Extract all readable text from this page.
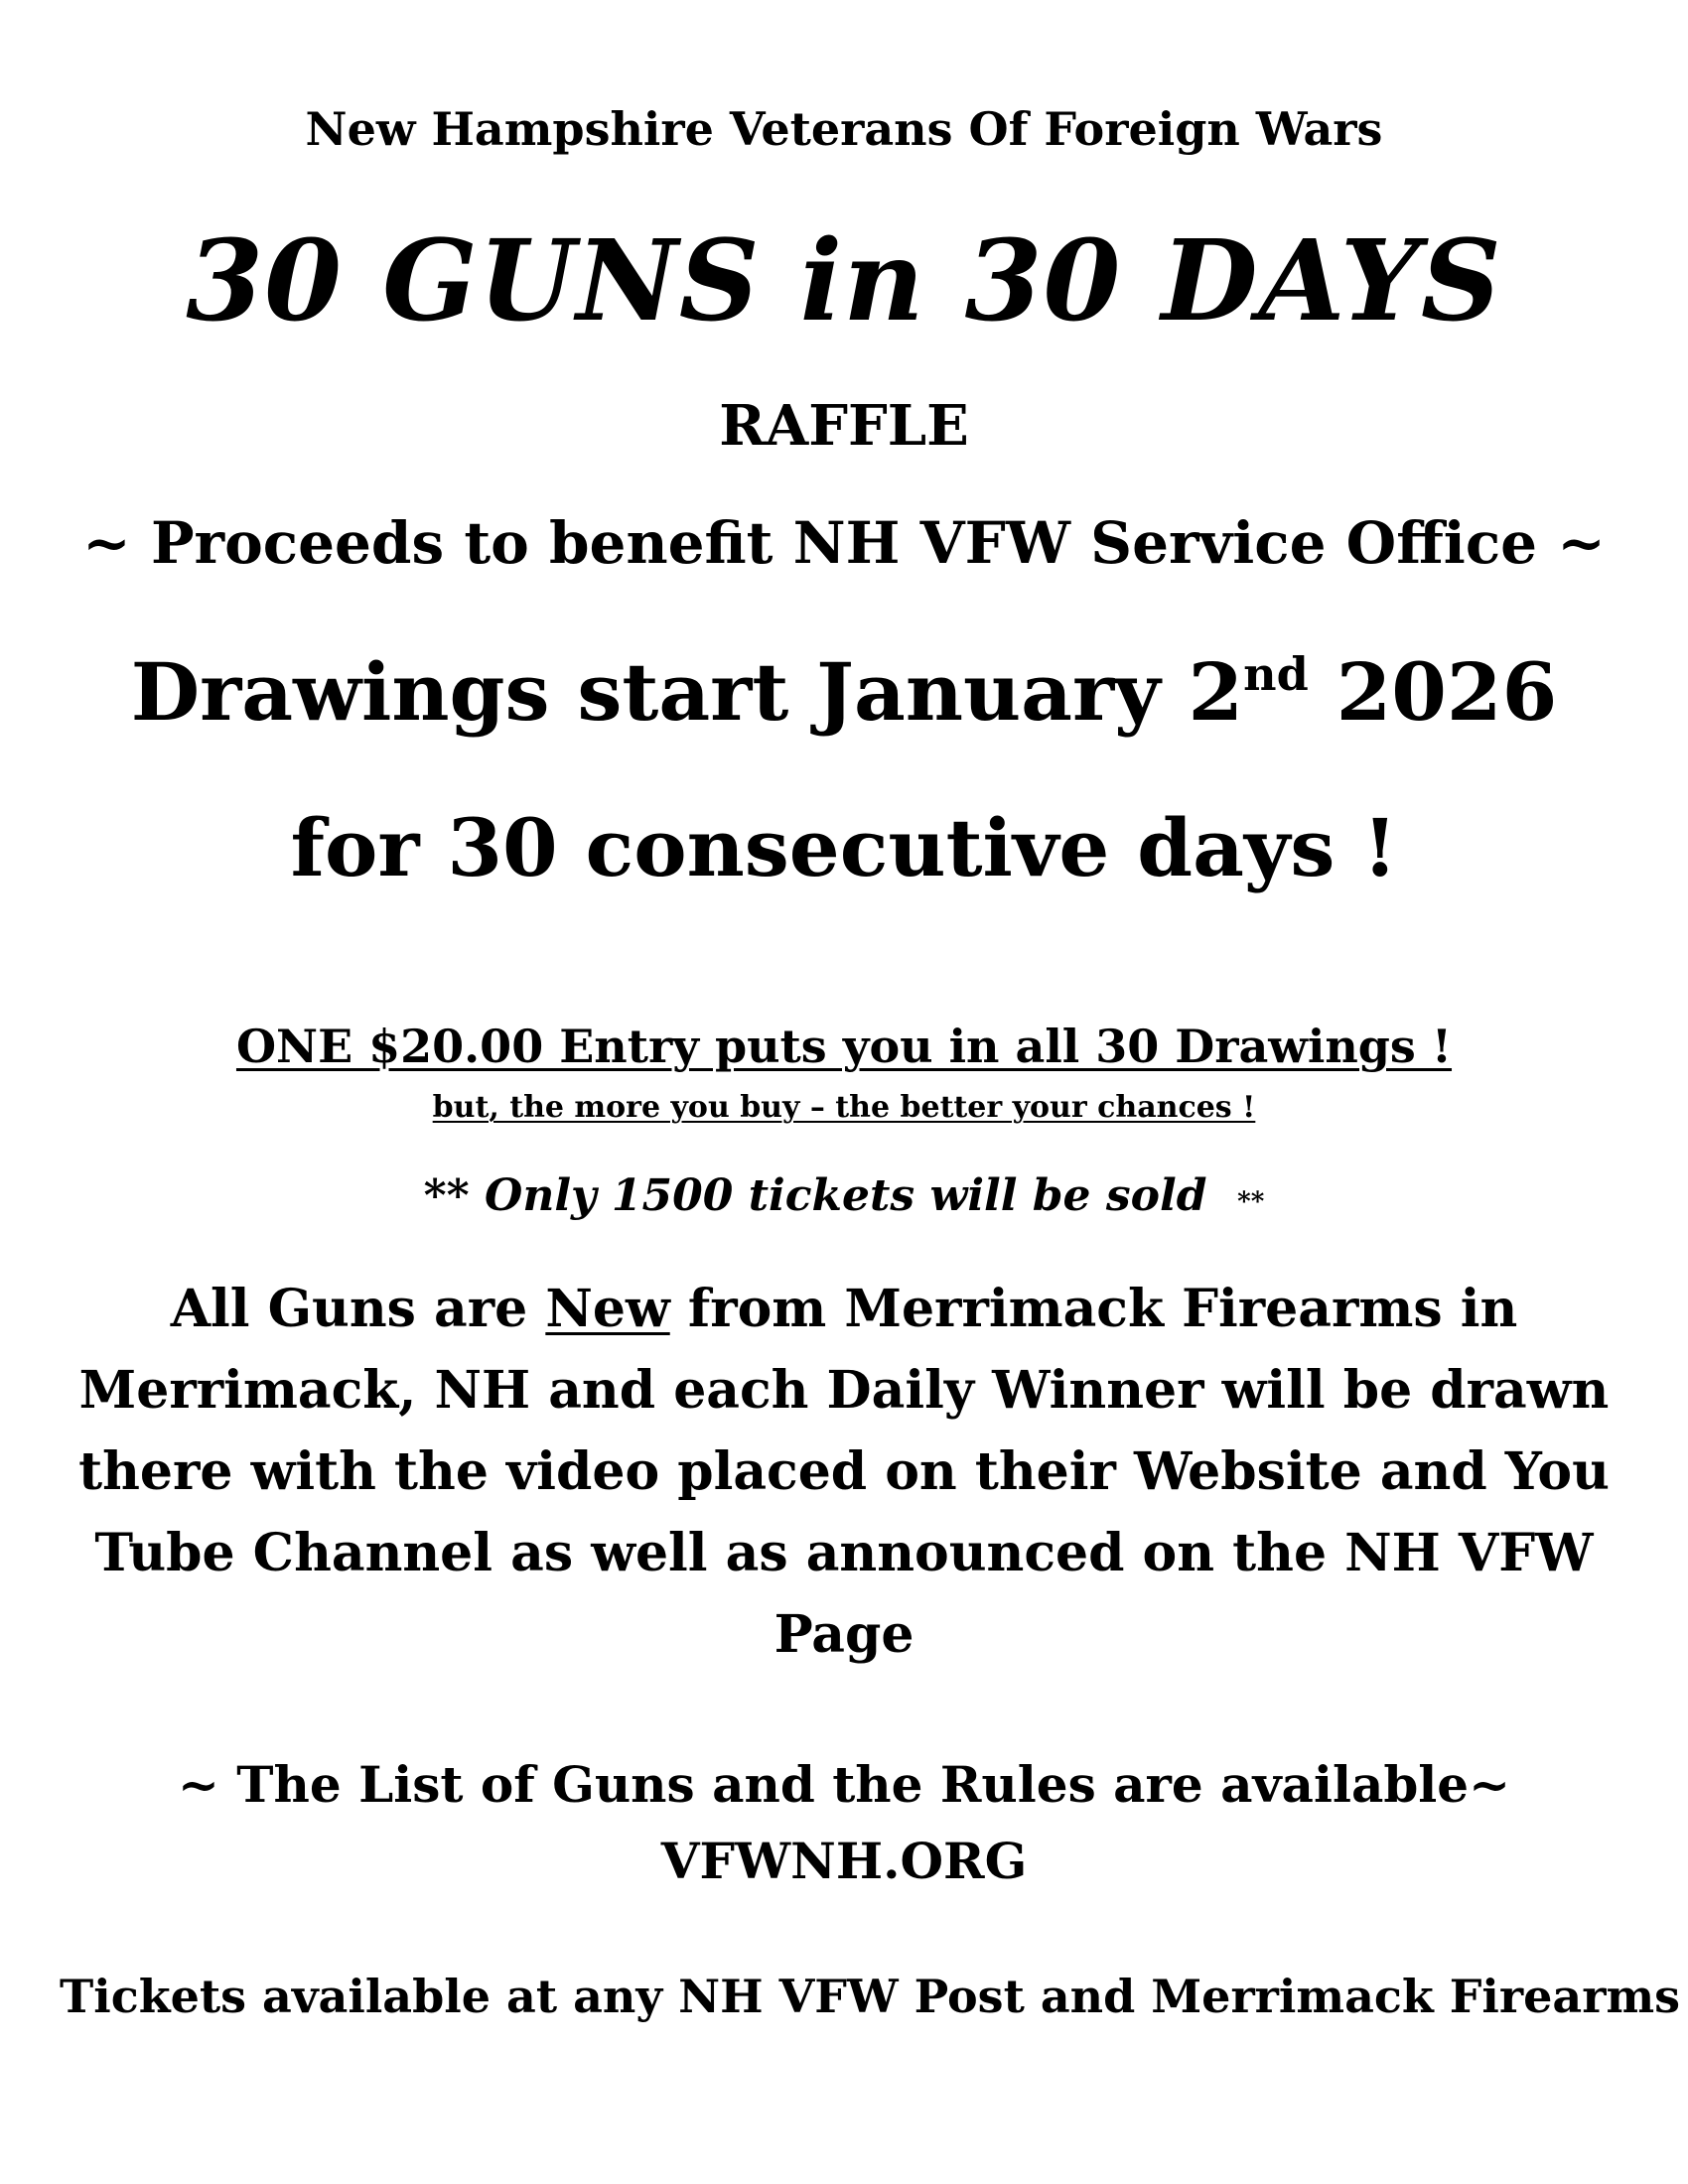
New Hampshire Veterans Of Foreign Wars
30 GUNS in 30 DAYS
RAFFLE
~ Proceeds to benefit NH VFW Service Office ~
Drawings start January 2nd 2026
for 30 consecutive days !
ONE $20.00 Entry puts you in all 30 Drawings !
but, the more you buy – the better your chances !
** Only 1500 tickets will be sold **
All Guns are New from Merrimack Firearms in
Merrimack, NH and each Daily Winner will be drawn
there with the video placed on their Website and You
Tube Channel as well as announced on the NH VFW
Page
~ The List of Guns and the Rules are available~
VFWNH.ORG
Tickets available at any NH VFW Post and Merrimack Firearms
